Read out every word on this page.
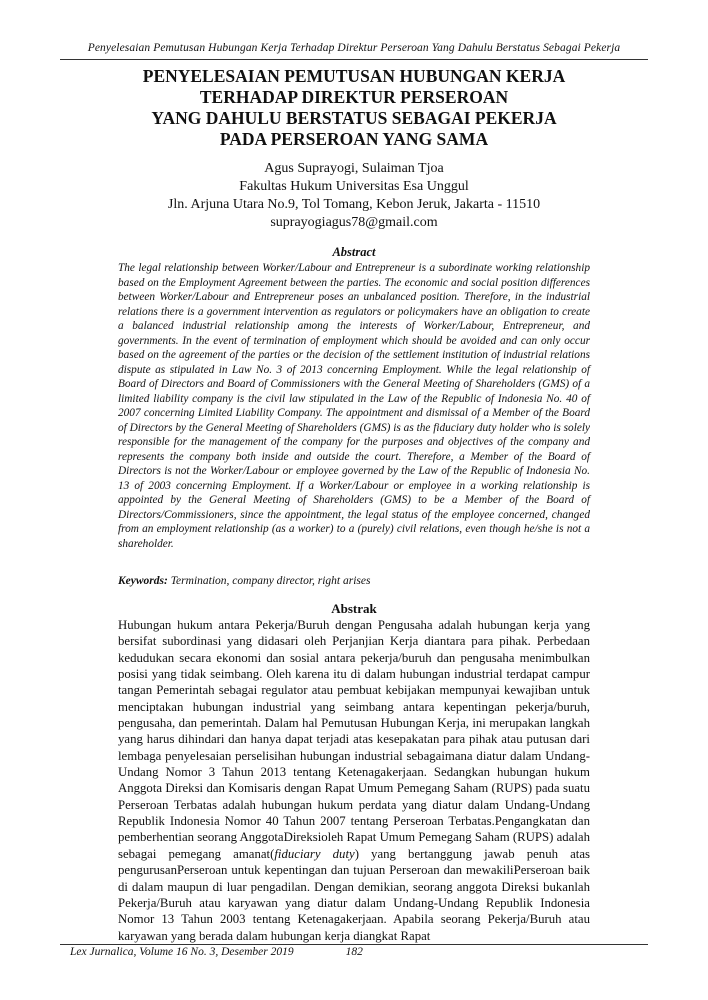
Penyelesaian Pemutusan Hubungan Kerja Terhadap Direktur Perseroan Yang Dahulu Berstatus Sebagai Pekerja
PENYELESAIAN PEMUTUSAN HUBUNGAN KERJA
TERHADAP DIREKTUR PERSEROAN
YANG DAHULU BERSTATUS SEBAGAI PEKERJA
PADA PERSEROAN YANG SAMA
Agus Suprayogi, Sulaiman Tjoa
Fakultas Hukum Universitas Esa Unggul
Jln. Arjuna Utara No.9, Tol Tomang, Kebon Jeruk, Jakarta - 11510
suprayogiagus78@gmail.com
Abstract
The legal relationship between Worker/Labour and Entrepreneur is a subordinate working relationship based on the Employment Agreement between the parties. The economic and social position differences between Worker/Labour and Entrepreneur poses an unbalanced position. Therefore, in the industrial relations there is a government intervention as regulators or policymakers have an obligation to create a balanced industrial relationship among the interests of Worker/Labour, Entrepreneur, and governments. In the event of termination of employment which should be avoided and can only occur based on the agreement of the parties or the decision of the settlement institution of industrial relations dispute as stipulated in Law No. 3 of 2013 concerning Employment. While the legal relationship of Board of Directors and Board of Commissioners with the General Meeting of Shareholders (GMS) of a limited liability company is the civil law stipulated in the Law of the Republic of Indonesia No. 40 of 2007 concerning Limited Liability Company. The appointment and dismissal of a Member of the Board of Directors by the General Meeting of Shareholders (GMS) is as the fiduciary duty holder who is solely responsible for the management of the company for the purposes and objectives of the company and represents the company both inside and outside the court. Therefore, a Member of the Board of Directors is not the Worker/Labour or employee governed by the Law of the Republic of Indonesia No. 13 of 2003 concerning Employment. If a Worker/Labour or employee in a working relationship is appointed by the General Meeting of Shareholders (GMS) to be a Member of the Board of Directors/Commissioners, since the appointment, the legal status of the employee concerned, changed from an employment relationship (as a worker) to a (purely) civil relations, even though he/she is not a shareholder.
Keywords: Termination, company director, right arises
Abstrak
Hubungan hukum antara Pekerja/Buruh dengan Pengusaha adalah hubungan kerja yang bersifat subordinasi yang didasari oleh Perjanjian Kerja diantara para pihak. Perbedaan kedudukan secara ekonomi dan sosial antara pekerja/buruh dan pengusaha menimbulkan posisi yang tidak seimbang. Oleh karena itu di dalam hubungan industrial terdapat campur tangan Pemerintah sebagai regulator atau pembuat kebijakan mempunyai kewajiban untuk menciptakan hubungan industrial yang seimbang antara kepentingan pekerja/buruh, pengusaha, dan pemerintah. Dalam hal Pemutusan Hubungan Kerja, ini merupakan langkah yang harus dihindari dan hanya dapat terjadi atas kesepakatan para pihak atau putusan dari lembaga penyelesaian perselisihan hubungan industrial sebagaimana diatur dalam Undang-Undang Nomor 3 Tahun 2013 tentang Ketenagakerjaan. Sedangkan hubungan hukum Anggota Direksi dan Komisaris dengan Rapat Umum Pemegang Saham (RUPS) pada suatu Perseroan Terbatas adalah hubungan hukum perdata yang diatur dalam Undang-Undang Republik Indonesia Nomor 40 Tahun 2007 tentang Perseroan Terbatas.Pengangkatan dan pemberhentian seorang AnggotaDireksioleh Rapat Umum Pemegang Saham (RUPS) adalah sebagai pemegang amanat(fiduciary duty) yang bertanggung jawab penuh atas pengurusanPerseroan untuk kepentingan dan tujuan Perseroan dan mewakiliPerseroan baik di dalam maupun di luar pengadilan. Dengan demikian, seorang anggota Direksi bukanlah Pekerja/Buruh atau karyawan yang diatur dalam Undang-Undang Republik Indonesia Nomor 13 Tahun 2003 tentang Ketenagakerjaan. Apabila seorang Pekerja/Buruh atau karyawan yang berada dalam hubungan kerja diangkat Rapat
Lex Jurnalica, Volume 16 No. 3, Desember 2019	182
